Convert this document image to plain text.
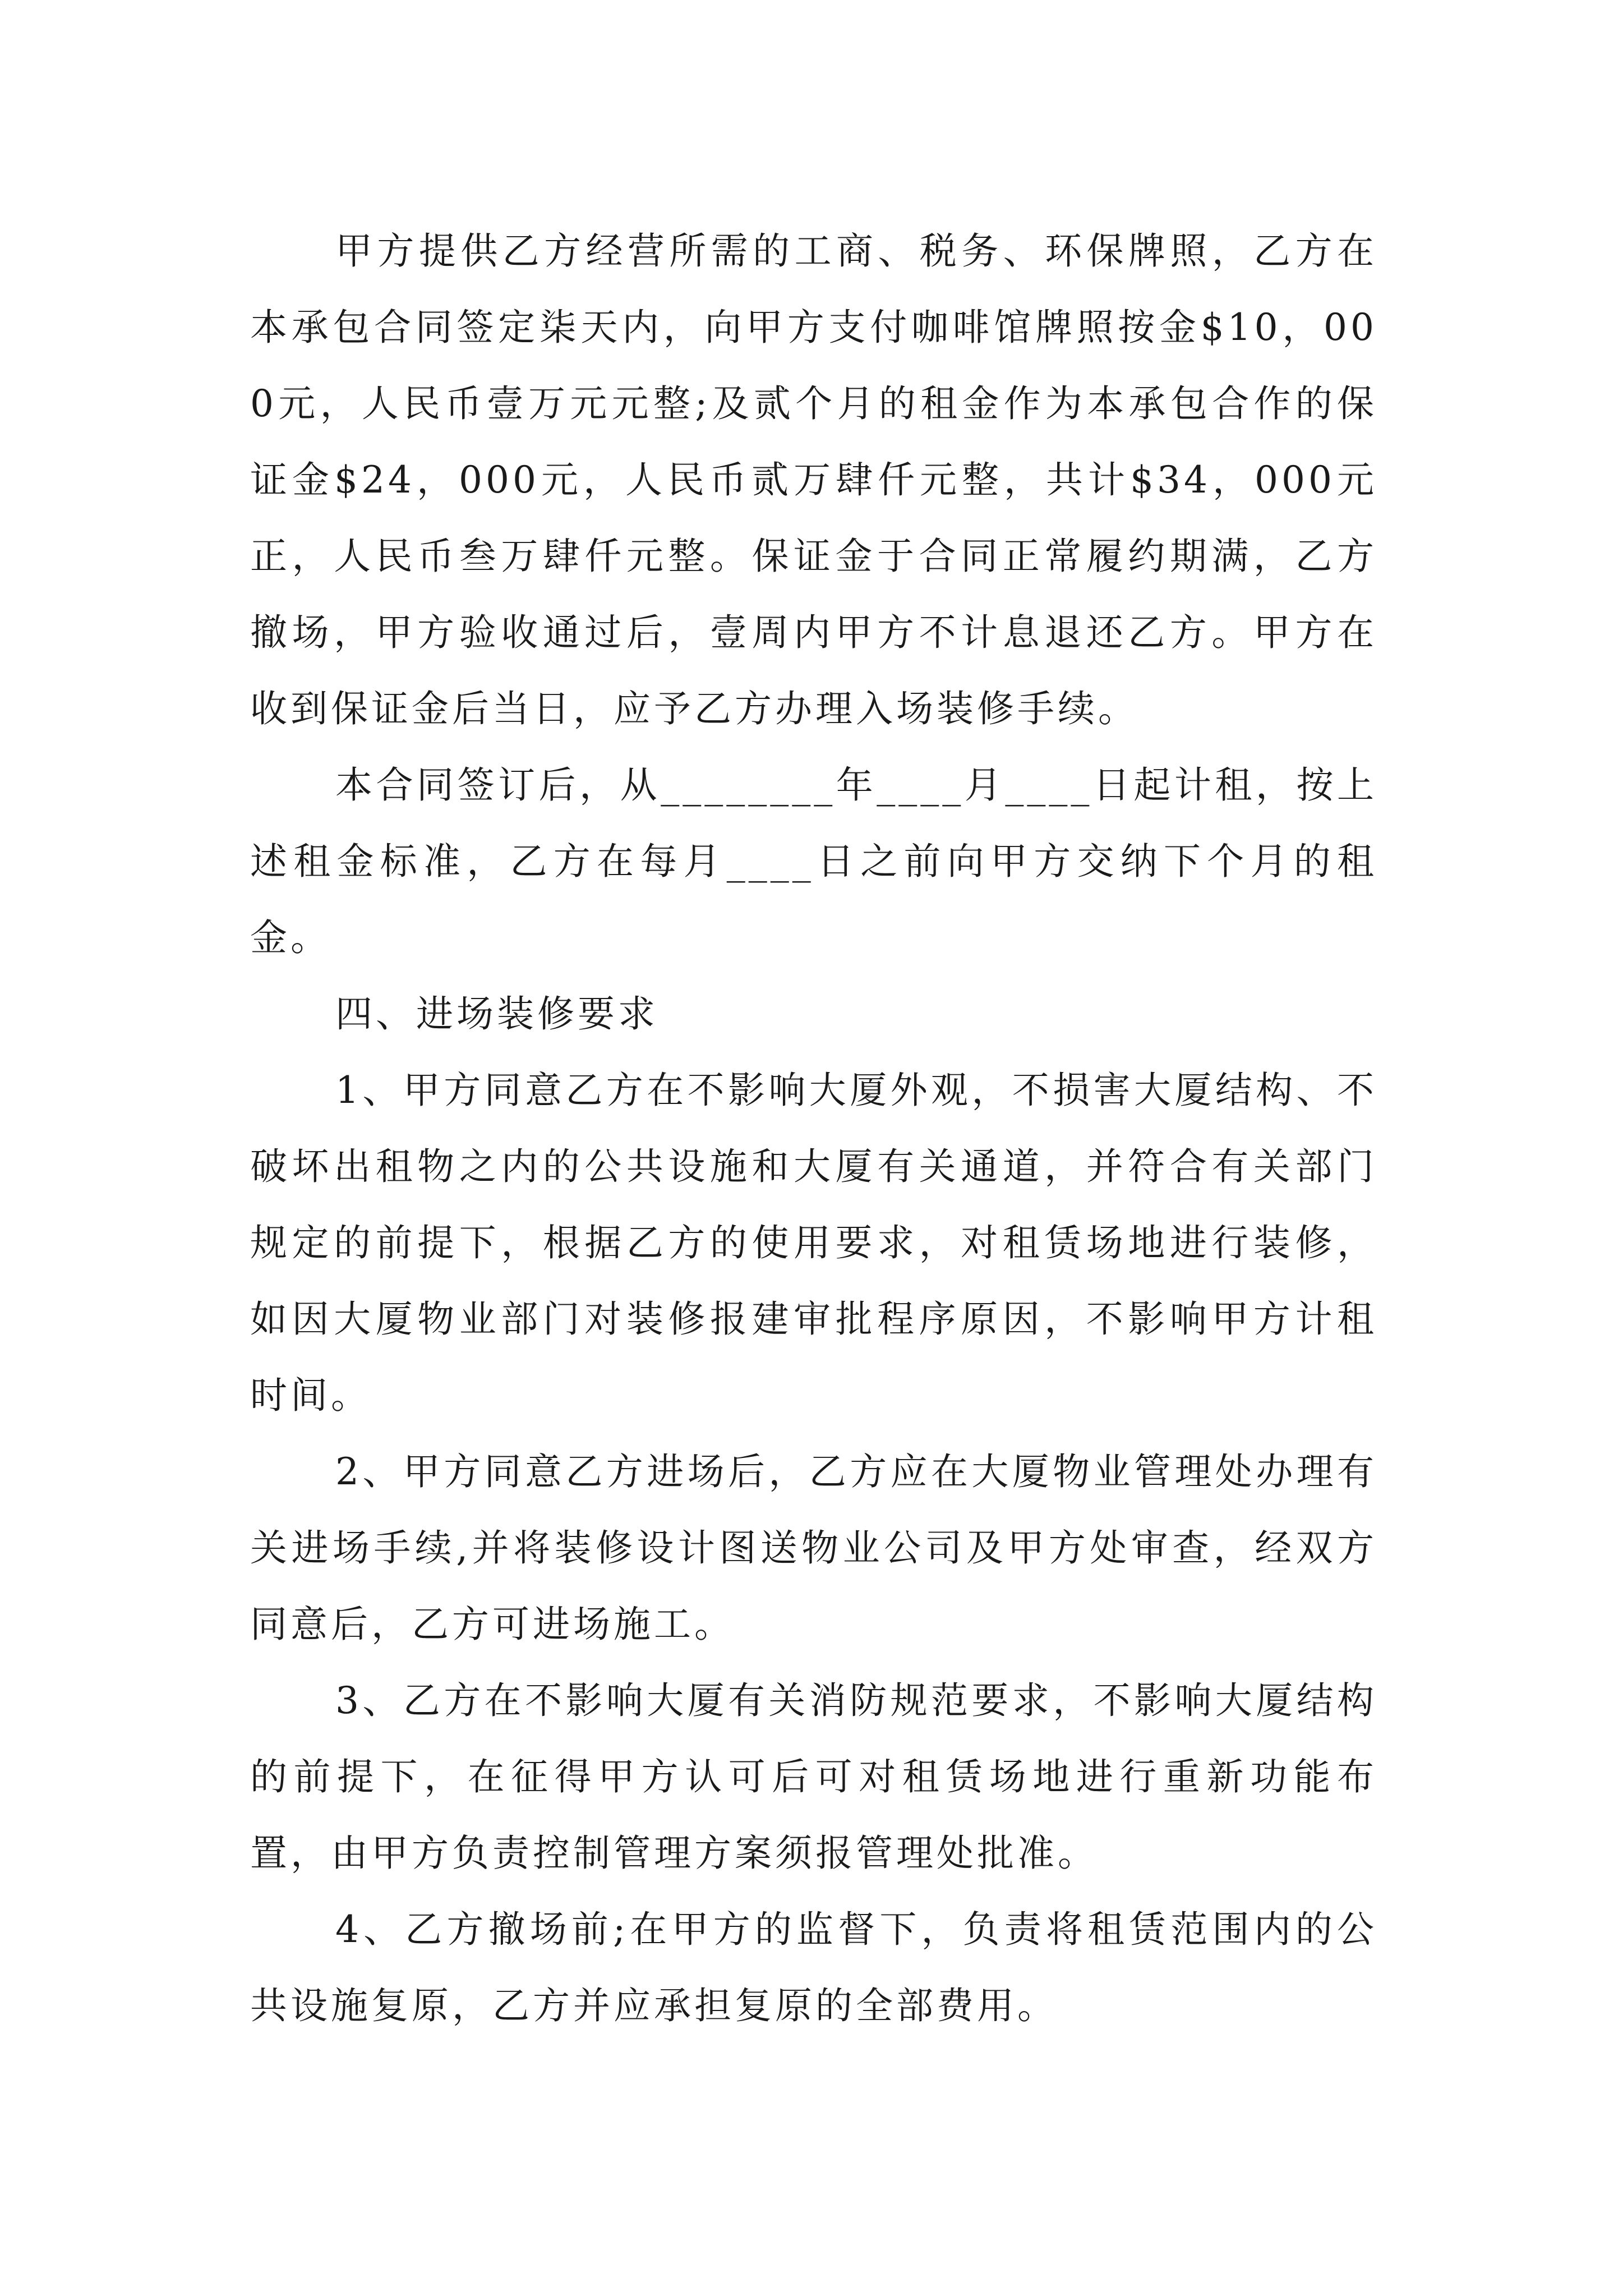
甲方提供乙方经营所需的工商、税务、环保牌照，乙方在本承包合同签定柒天内，向甲方支付咖啡馆牌照按金$10，000元，人民币壹万元元整;及贰个月的租金作为本承包合作的保证金$24，000元，人民币贰万肆仟元整，共计$34，000元正，人民币叁万肆仟元整。保证金于合同正常履约期满，乙方撤场，甲方验收通过后，壹周内甲方不计息退还乙方。甲方在收到保证金后当日，应予乙方办理入场装修手续。

本合同签订后，从________年____月____日起计租，按上述租金标准，乙方在每月____日之前向甲方交纳下个月的租金。

四、进场装修要求

1、甲方同意乙方在不影响大厦外观，不损害大厦结构、不破坏出租物之内的公共设施和大厦有关通道，并符合有关部门规定的前提下，根据乙方的使用要求，对租赁场地进行装修，如因大厦物业部门对装修报建审批程序原因，不影响甲方计租时间。

2、甲方同意乙方进场后，乙方应在大厦物业管理处办理有关进场手续,并将装修设计图送物业公司及甲方处审查，经双方同意后，乙方可进场施工。

3、乙方在不影响大厦有关消防规范要求，不影响大厦结构的前提下，在征得甲方认可后可对租赁场地进行重新功能布置，由甲方负责控制管理方案须报管理处批准。

4、乙方撤场前;在甲方的监督下，负责将租赁范围内的公共设施复原，乙方并应承担复原的全部费用。
